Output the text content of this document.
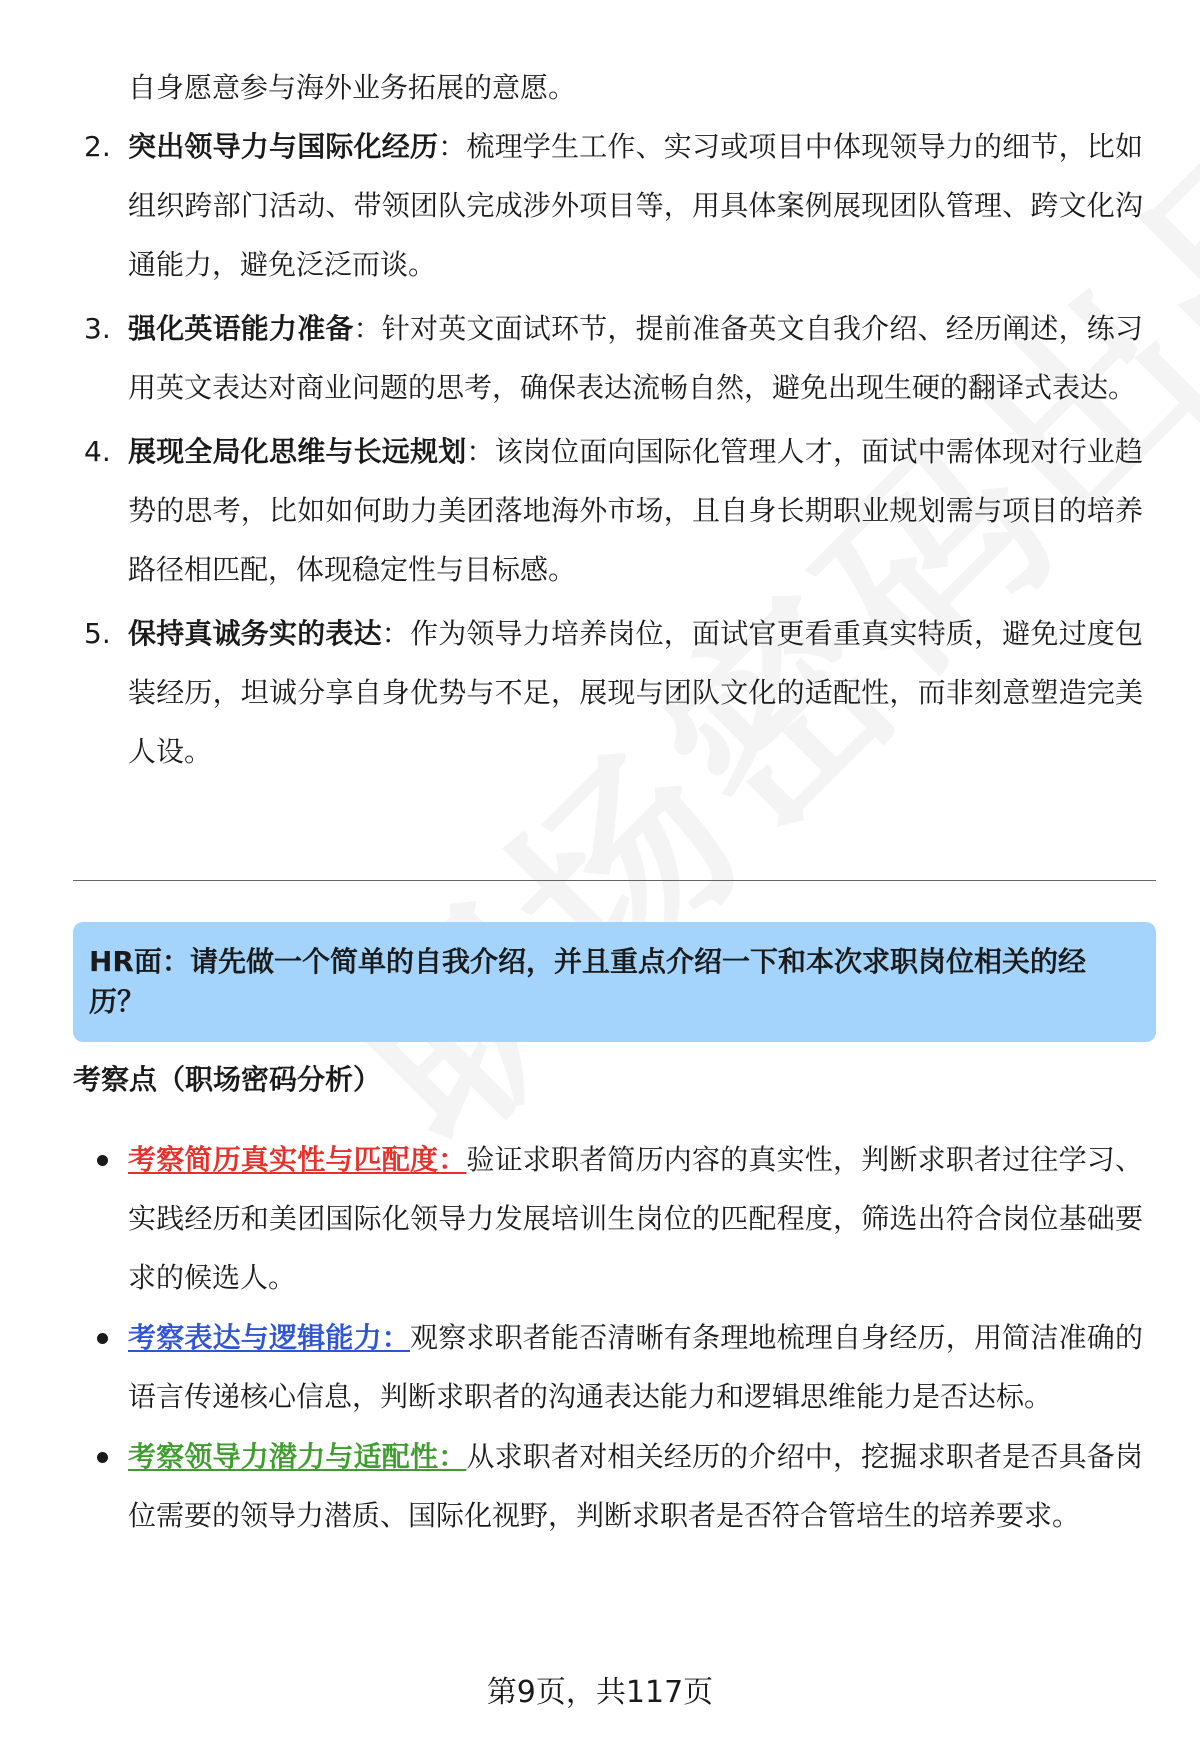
自身愿意参与海外业务拓展的意愿。
2. 突出领导力与国际化经历：梳理学生工作、实习或项目中体现领导力的细节，比如组织跨部门活动、带领团队完成涉外项目等，用具体案例展现团队管理、跨文化沟通能力，避免泛泛而谈。
3. 强化英语能力准备：针对英文面试环节，提前准备英文自我介绍、经历阐述，练习用英文表达对商业问题的思考，确保表达流畅自然，避免出现生硬的翻译式表达。
4. 展现全局化思维与长远规划：该岗位面向国际化管理人才，面试中需体现对行业趋势的思考，比如如何助力美团落地海外市场，且自身长期职业规划需与项目的培养路径相匹配，体现稳定性与目标感。
5. 保持真诚务实的表达：作为领导力培养岗位，面试官更看重真实特质，避免过度包装经历，坦诚分享自身优势与不足，展现与团队文化的适配性，而非刻意塑造完美人设。
HR面：请先做一个简单的自我介绍，并且重点介绍一下和本次求职岗位相关的经历？
考察点（职场密码分析）
考察简历真实性与匹配度：验证求职者简历内容的真实性，判断求职者过往学习、实践经历和美团国际化领导力发展培训生岗位的匹配程度，筛选出符合岗位基础要求的候选人。
考察表达与逻辑能力：观察求职者能否清晰有条理地梳理自身经历，用简洁准确的语言传递核心信息，判断求职者的沟通表达能力和逻辑思维能力是否达标。
考察领导力潜力与适配性：从求职者对相关经历的介绍中，挖掘求职者是否具备岗位需要的领导力潜质、国际化视野，判断求职者是否符合管培生的培养要求。
第9页，共117页
